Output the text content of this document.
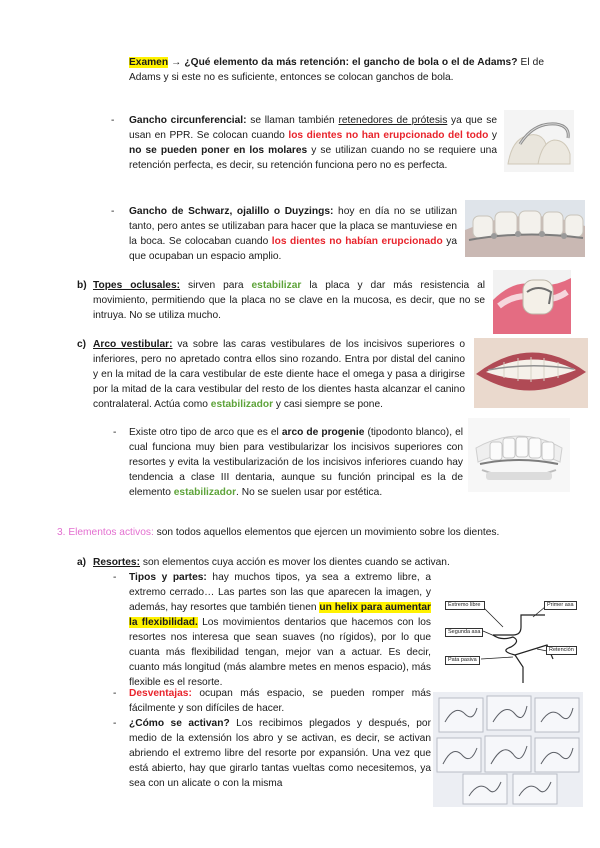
Examen → ¿Qué elemento da más retención: el gancho de bola o el de Adams? El de Adams y si este no es suficiente, entonces se colocan ganchos de bola.
- Gancho circunferencial: se llaman también retenedores de prótesis ya que se usan en PPR. Se colocan cuando los dientes no han erupcionado del todo y no se pueden poner en los molares y se utilizan cuando no se requiere una retención perfecta, es decir, su retención funciona pero no es perfecta.
- Gancho de Schwarz, ojalillo o Duyzings: hoy en día no se utilizan tanto, pero antes se utilizaban para hacer que la placa se mantuviese en la boca. Se colocaban cuando los dientes no habían erupcionado ya que ocupaban un espacio amplio.
b) Topes oclusales: sirven para estabilizar la placa y dar más resistencia al movimiento, permitiendo que la placa no se clave en la mucosa, es decir, que no se intruya. No se utiliza mucho.
c) Arco vestibular: va sobre las caras vestibulares de los incisivos superiores o inferiores, pero no apretado contra ellos sino rozando. Entra por distal del canino y en la mitad de la cara vestibular de este diente hace el omega y pasa a dirigirse por la mitad de la cara vestibular del resto de los dientes hasta alcanzar el canino contralateral. Actúa como estabilizador y casi siempre se pone.
- Existe otro tipo de arco que es el arco de progenie (tipodonto blanco), el cual funciona muy bien para vestibularizar los incisivos superiores con resortes y evita la vestibularización de los incisivos inferiores cuando hay tendencia a clase III dentaria, aunque su función principal es la de elemento estabilizador. No se suelen usar por estética.
3. Elementos activos: son todos aquellos elementos que ejercen un movimiento sobre los dientes.
a) Resortes: son elementos cuya acción es mover los dientes cuando se activan.
- Tipos y partes: hay muchos tipos, ya sea a extremo libre, a extremo cerrado… Las partes son las que aparecen la imagen, y además, hay resortes que también tienen un helix para aumentar la flexibilidad. Los movimientos dentarios que hacemos con los resortes nos interesa que sean suaves (no rígidos), por lo que cuanta más flexibilidad tengan, mejor van a actuar. Es decir, cuanto más longitud (más alambre metes en menos espacio), más flexible es el resorte.
- Desventajas: ocupan más espacio, se pueden romper más fácilmente y son difíciles de hacer.
- ¿Cómo se activan? Los recibimos plegados y después, por medio de la extensión los abro y se activan, es decir, se activan abriendo el extremo libre del resorte por expansión. Una vez que está abierto, hay que girarlo tantas vueltas como necesitemos, ya sea con un alicate o con la misma
Extremo libre
Segunda asa
Pata pasiva
Primer asa
Retención
